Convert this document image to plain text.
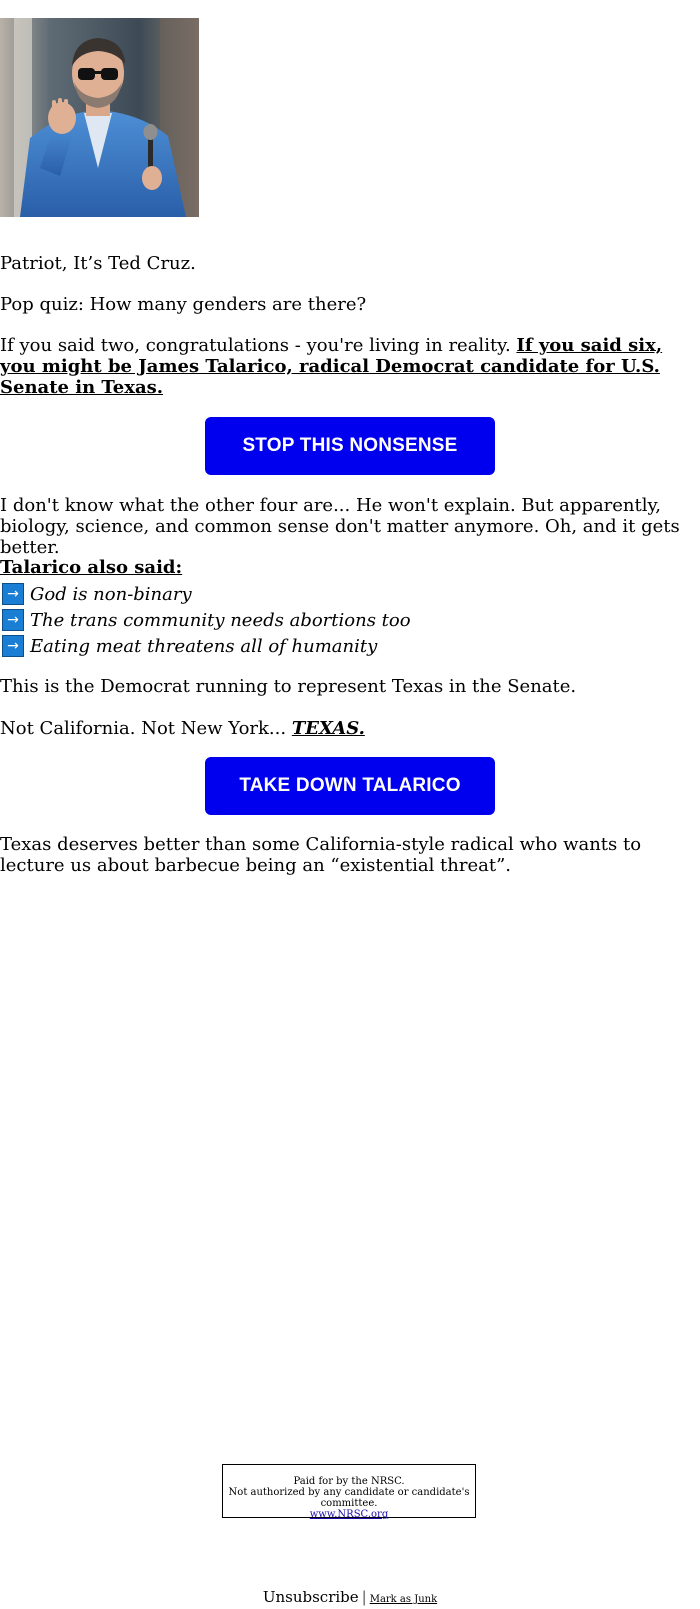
Patriot, It’s Ted Cruz.

Pop quiz: How many genders are there?

If you said two, congratulations - you're living in reality. If you said six, you might be James Talarico, radical Democrat candidate for U.S. Senate in Texas.

STOP THIS NONSENSE

I don't know what the other four are... He won't explain. But apparently, biology, science, and common sense don't matter anymore. Oh, and it gets better.

Talarico also said:

→ God is non-binary
→ The trans community needs abortions too
→ Eating meat threatens all of humanity

This is the Democrat running to represent Texas in the Senate.

Not California. Not New York... TEXAS.

TAKE DOWN TALARICO

Texas deserves better than some California-style radical who wants to lecture us about barbecue being an “existential threat”.

Paid for by the NRSC.
Not authorized by any candidate or candidate's committee.
www.NRSC.org
Unsubscribe | Mark as Junk
